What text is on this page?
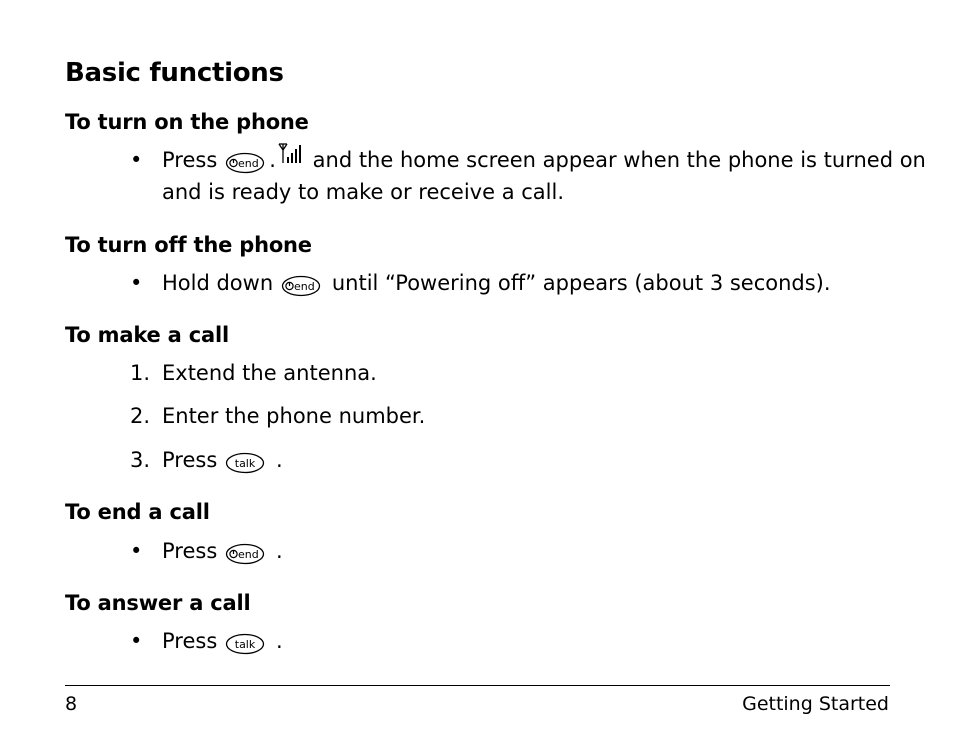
Basic functions
To turn on the phone
• Press end . and the home screen appear when the phone is turned on
and is ready to make or receive a call.
To turn off the phone
• Hold down end until “Powering off” appears (about 3 seconds).
To make a call
1. Extend the antenna.
2. Enter the phone number.
3. Press talk .
To end a call
• Press end .
To answer a call
• Press talk .
8	Getting Started
